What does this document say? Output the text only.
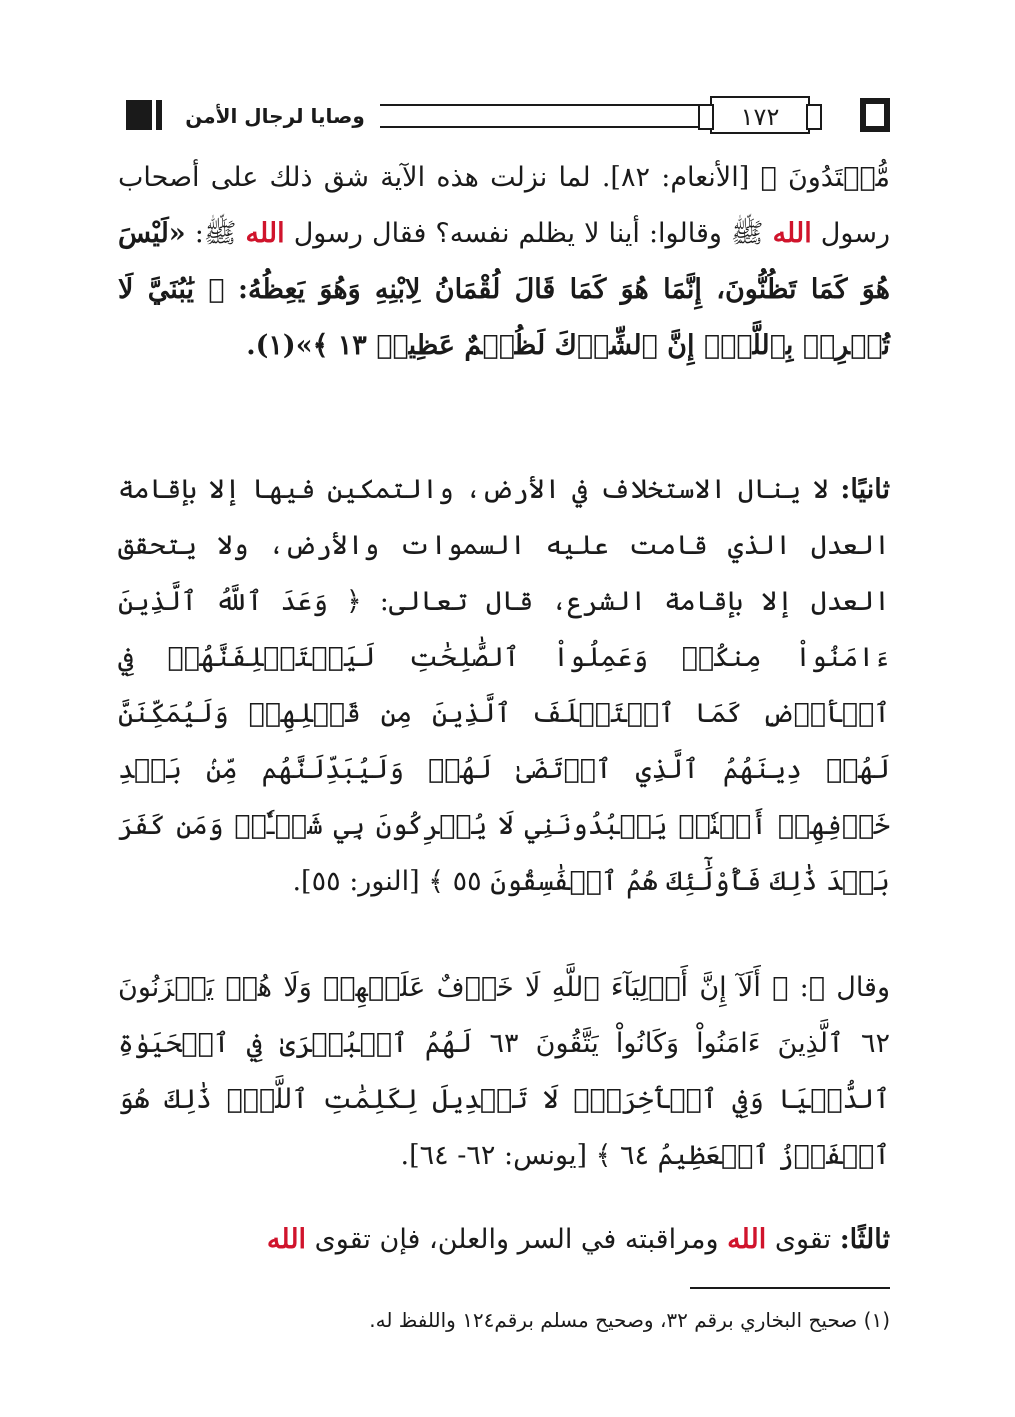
وصايا لرجال الأمن	١٧٢
مُّهۡتَدُونَ ﴾ [الأنعام: ٨٢]. لما نزلت هذه الآية شق ذلك على أصحاب رسول الله ﷺ وقالوا: أينا لا يظلم نفسه؟ فقال رسول الله ﷺ: «لَيْسَ هُوَ كَمَا تَظُنُّونَ، إِنَّمَا هُوَ كَمَا قَالَ لُقْمَانُ لِابْنِهِ وَهُوَ يَعِظُهُ: ﴿ يَٰبُنَيَّ لَا تُشۡرِكۡ بِٱللَّهِۖ إِنَّ ٱلشِّرۡكَ لَظُلۡمٌ عَظِيمٞ ١٣ ﴾»(١).
ثانيًا: لا ينال الاستخلاف في الأرض، والتمكين فيها إلا بإقامة العدل الذي قامت عليه السموات والأرض، ولا يتحقق العدل إلا بإقامة الشرع، قال تعالى: ﴿ وَعَدَ ٱللَّهُ ٱلَّذِينَ ءَامَنُواْ مِنكُمۡ وَعَمِلُواْ ٱلصَّٰلِحَٰتِ لَيَسۡتَخۡلِفَنَّهُمۡ فِي ٱلۡأَرۡضِ كَمَا ٱسۡتَخۡلَفَ ٱلَّذِينَ مِن قَبۡلِهِمۡ وَلَيُمَكِّنَنَّ لَهُمۡ دِينَهُمُ ٱلَّذِي ٱرۡتَضَىٰ لَهُمۡ وَلَيُبَدِّلَنَّهُم مِّنۢ بَعۡدِ خَوۡفِهِمۡ أَمۡنٗاۚ يَعۡبُدُونَنِي لَا يُشۡرِكُونَ بِي شَيۡـٔٗاۚ وَمَن كَفَرَ بَعۡدَ ذَٰلِكَ فَأُوْلَٰٓئِكَ هُمُ ٱلۡفَٰسِقُونَ ٥٥ ﴾ [النور: ٥٥].
وقال ﷻ: ﴿ أَلَآ إِنَّ أَوۡلِيَآءَ ٱللَّهِ لَا خَوۡفٌ عَلَيۡهِمۡ وَلَا هُمۡ يَحۡزَنُونَ ٦٢ ٱلَّذِينَ ءَامَنُواْ وَكَانُواْ يَتَّقُونَ ٦٣ لَهُمُ ٱلۡبُشۡرَىٰ فِي ٱلۡحَيَوٰةِ ٱلدُّنۡيَا وَفِي ٱلۡأٓخِرَةِۚ لَا تَبۡدِيلَ لِكَلِمَٰتِ ٱللَّهِۚ ذَٰلِكَ هُوَ ٱلۡفَوۡزُ ٱلۡعَظِيمُ ٦٤ ﴾ [يونس: ٦٢- ٦٤].
ثالثًا: تقوى الله ومراقبته في السر والعلن، فإن تقوى الله
(١) صحيح البخاري برقم ٣٢، وصحيح مسلم برقم١٢٤ واللفظ له.
